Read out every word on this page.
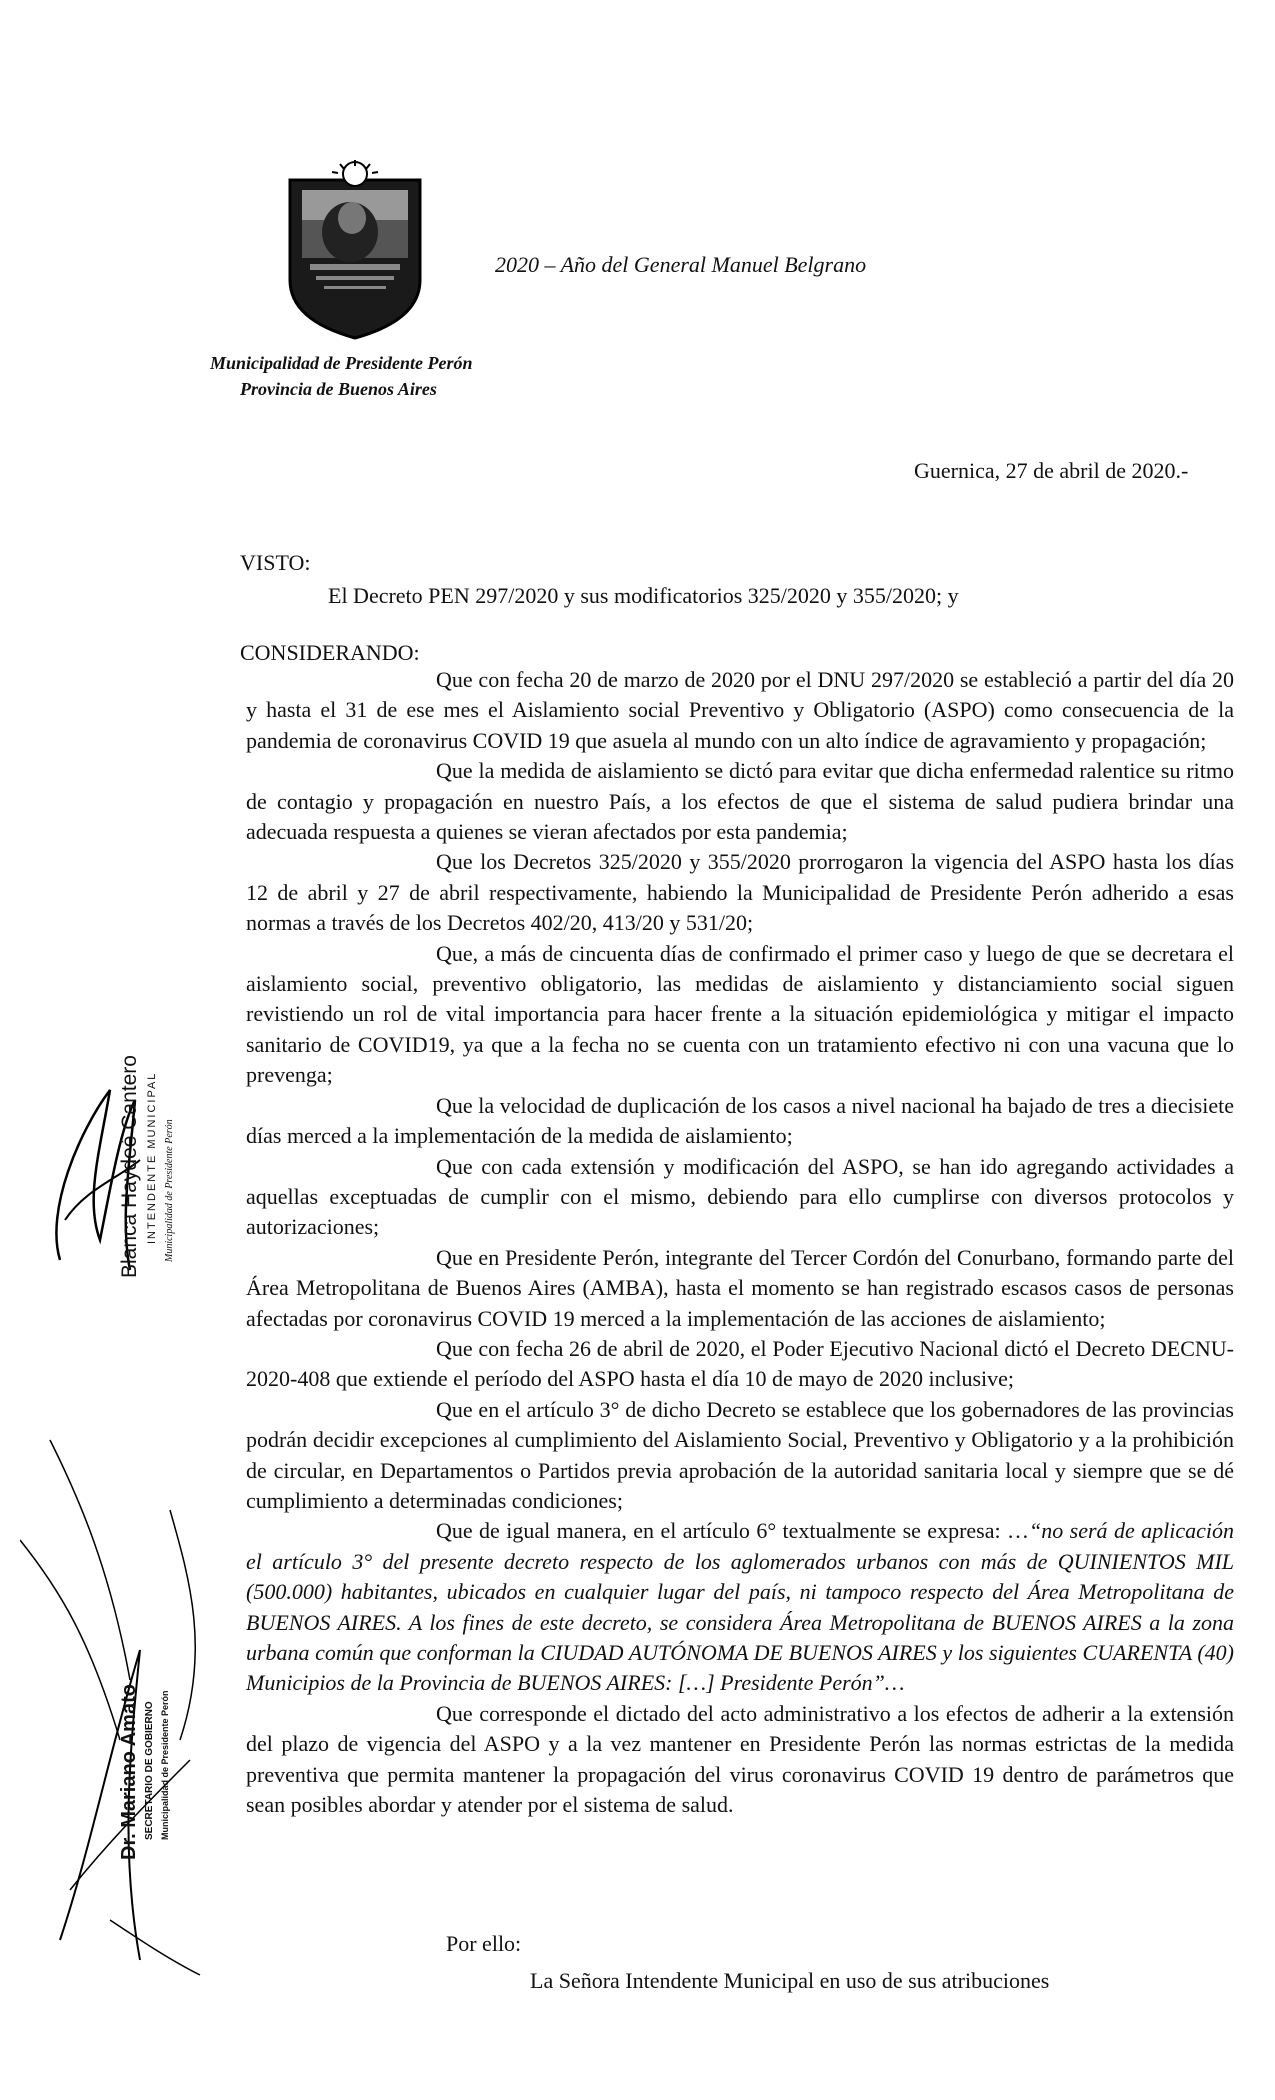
2020 – Año del General Manuel Belgrano
Municipalidad de Presidente Perón
Provincia de Buenos Aires
Guernica, 27 de abril de 2020.-
VISTO:
El Decreto PEN 297/2020 y sus modificatorios 325/2020 y 355/2020; y
CONSIDERANDO:

Que con fecha 20 de marzo de 2020 por el DNU 297/2020 se estableció a partir del día 20 y hasta el 31 de ese mes el Aislamiento social Preventivo y Obligatorio (ASPO) como consecuencia de la pandemia de coronavirus COVID 19 que asuela al mundo con un alto índice de agravamiento y propagación;

Que la medida de aislamiento se dictó para evitar que dicha enfermedad ralentice su ritmo de contagio y propagación en nuestro País, a los efectos de que el sistema de salud pudiera brindar una adecuada respuesta a quienes se vieran afectados por esta pandemia;

Que los Decretos 325/2020 y 355/2020 prorrogaron la vigencia del ASPO hasta los días 12 de abril y 27 de abril respectivamente, habiendo la Municipalidad de Presidente Perón adherido a esas normas a través de los Decretos 402/20, 413/20 y 531/20;

Que, a más de cincuenta días de confirmado el primer caso y luego de que se decretara el aislamiento social, preventivo obligatorio, las medidas de aislamiento y distanciamiento social siguen revistiendo un rol de vital importancia para hacer frente a la situación epidemiológica y mitigar el impacto sanitario de COVID19, ya que a la fecha no se cuenta con un tratamiento efectivo ni con una vacuna que lo prevenga;

Que la velocidad de duplicación de los casos a nivel nacional ha bajado de tres a diecisiete días merced a la implementación de la medida de aislamiento;

Que con cada extensión y modificación del ASPO, se han ido agregando actividades a aquellas exceptuadas de cumplir con el mismo, debiendo para ello cumplirse con diversos protocolos y autorizaciones;

Que en Presidente Perón, integrante del Tercer Cordón del Conurbano, formando parte del Área Metropolitana de Buenos Aires (AMBA), hasta el momento se han registrado escasos casos de personas afectadas por coronavirus COVID 19 merced a la implementación de las acciones de aislamiento;

Que con fecha 26 de abril de 2020, el Poder Ejecutivo Nacional dictó el Decreto DECNU-2020-408 que extiende el período del ASPO hasta el día 10 de mayo de 2020 inclusive;

Que en el artículo 3° de dicho Decreto se establece que los gobernadores de las provincias podrán decidir excepciones al cumplimiento del Aislamiento Social, Preventivo y Obligatorio y a la prohibición de circular, en Departamentos o Partidos previa aprobación de la autoridad sanitaria local y siempre que se dé cumplimiento a determinadas condiciones;

Que de igual manera, en el artículo 6° textualmente se expresa: …“no será de aplicación el artículo 3° del presente decreto respecto de los aglomerados urbanos con más de QUINIENTOS MIL (500.000) habitantes, ubicados en cualquier lugar del país, ni tampoco respecto del Área Metropolitana de BUENOS AIRES. A los fines de este decreto, se considera Área Metropolitana de BUENOS AIRES a la zona urbana común que conforman la CIUDAD AUTÓNOMA DE BUENOS AIRES y los siguientes CUARENTA (40) Municipios de la Provincia de BUENOS AIRES: […] Presidente Perón”…

Que corresponde el dictado del acto administrativo a los efectos de adherir a la extensión del plazo de vigencia del ASPO y a la vez mantener en Presidente Perón las normas estrictas de la medida preventiva que permita mantener la propagación del virus coronavirus COVID 19 dentro de parámetros que sean posibles abordar y atender por el sistema de salud.

Por ello:
La Señora Intendente Municipal en uso de sus atribuciones
Blanca Haydeé Cantero INTENDENTE MUNICIPAL Municipalidad de Presidente Perón
Dr. Mariano Amato SECRETARIO DE GOBIERNO Municipalidad de Presidente Perón
